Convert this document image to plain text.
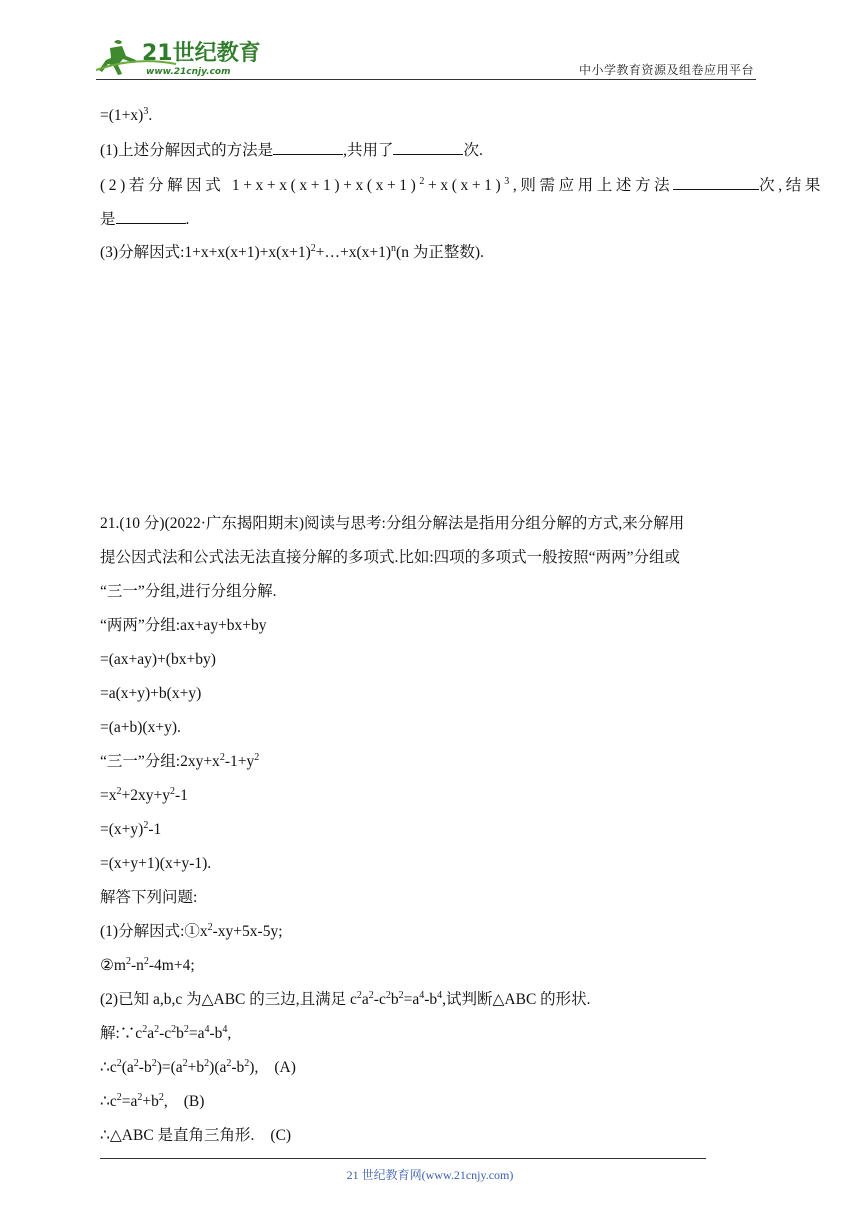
21世纪教育
www.21cnjy.com	中小学教育资源及组卷应用平台
$=(1+x)^3$.
(1)上述分解因式的方法是	,共用了	次.
(2)若分解因式 $1+x+x(x+1)+x(x+1)^2+x(x+1)^3$,则需应用上述方法	次,结果
是	.
(3)分解因式$:1+x+x(x+1)+x(x+1)^2+\dots+x(x+1)^n(n$ 为正整数).
21.(10 分)(2022·广东揭阳期末)阅读与思考:分组分解法是指用分组分解的方式,来分解用
提公因式法和公式法无法直接分解的多项式.比如:四项的多项式一般按照“两两”分组或
“三一”分组,进行分组分解.
“两两”分组:ax+ay+bx+by
=(ax+ay)+(bx+by)
=a(x+y)+b(x+y)
=(a+b)(x+y).
“三一”分组$:2xy+x^2-1+y^2$
$=x^2+2xy+y^2-1$
$=(x+y)^2-1$
=(x+y+1)(x+y-1).
解答下列问题:
(1)分解因式$:①x^2-xy+5x-5y$;
$②m^2-n^2-4m+4$;
(2)已知 a,b,c 为△ABC 的三边,且满足 $c^2a^2-c^2b^2=a^4-b^4$,试判断△ABC 的形状.
解$:\because c^2a^2-c^2b^2=a^4-b^4$,
$\therefore c^2(a^2-b^2)=(a^2+b^2)(a^2-b^2)$, (A)
$\therefore c^2=a^2+b^2$, (B)
∴△ABC 是直角三角形. (C)
21 世纪教育网(www.21cnjy.com)
